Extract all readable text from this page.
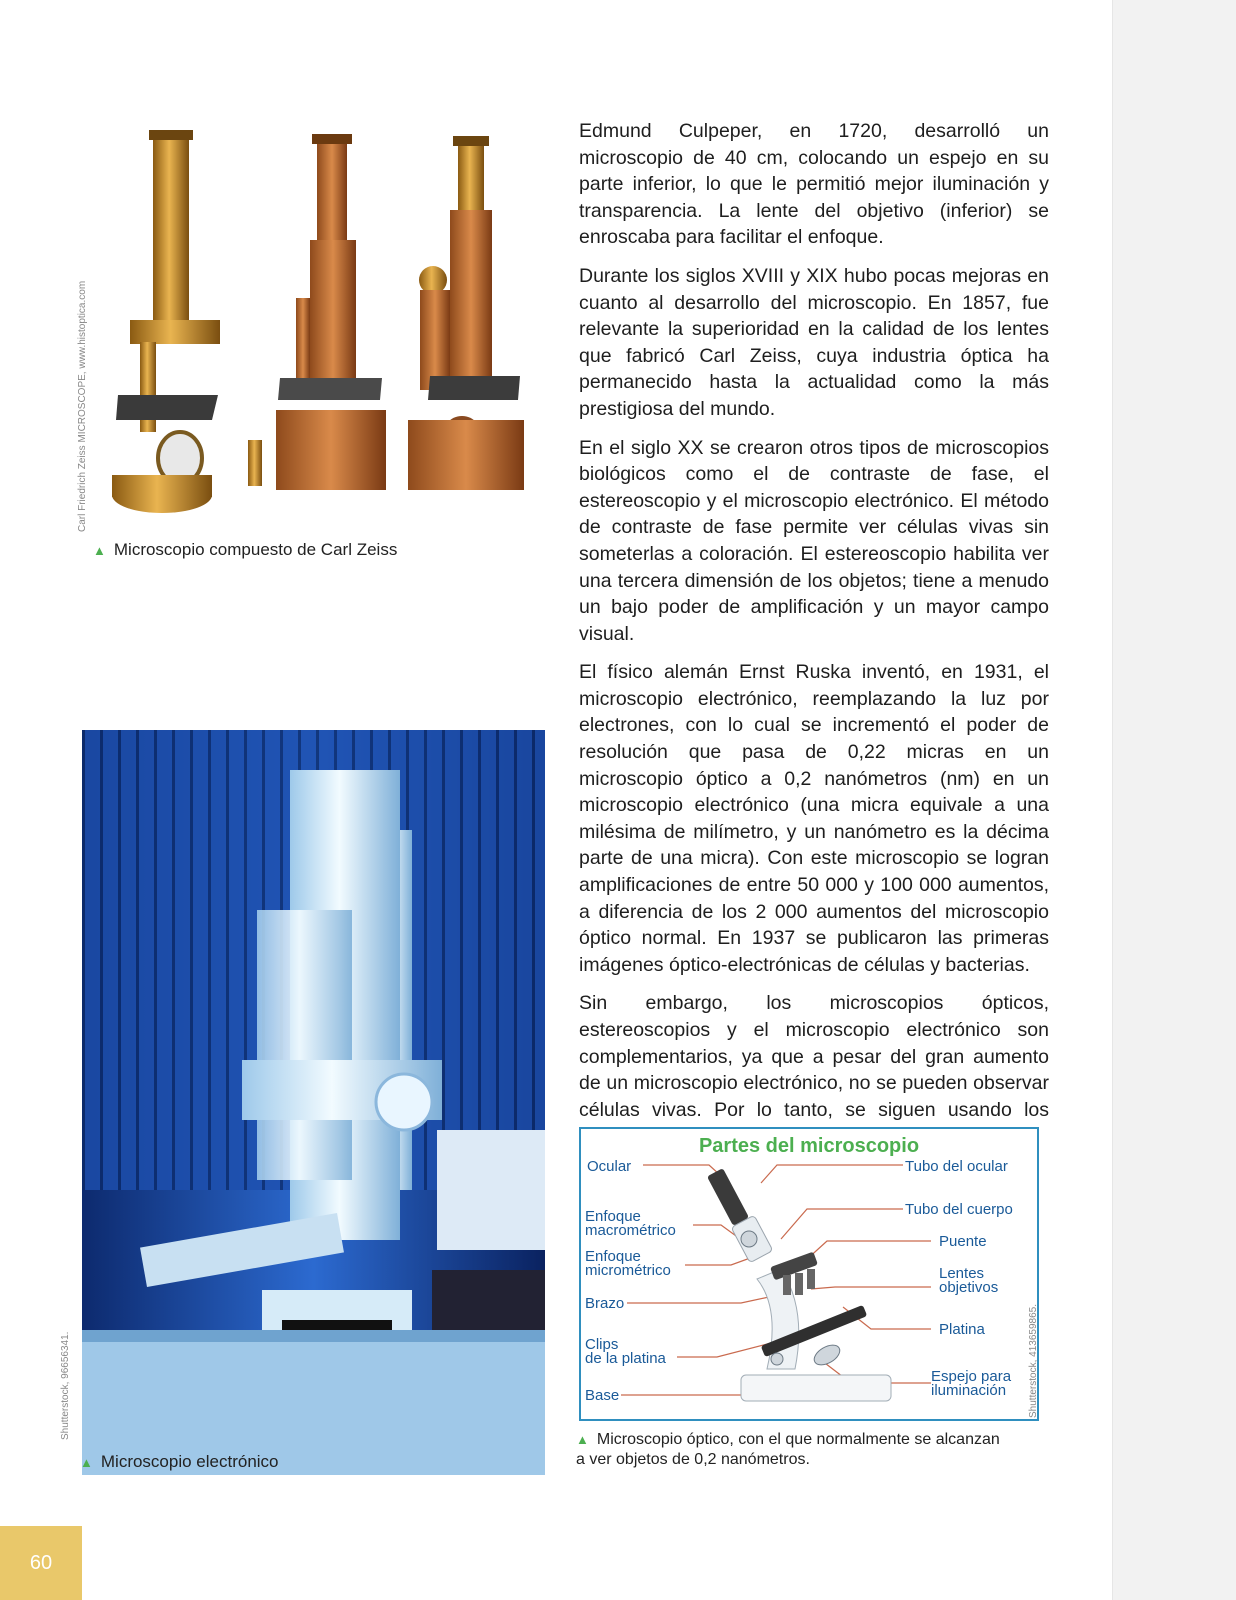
Carl Friedrich Zeiss MICROSCOPE, www.histoptica.com
▲ Microscopio compuesto de Carl Zeiss
Shutterstock, 96656341.
▲ Microscopio electrónico

Edmund Culpeper, en 1720, desarrolló un microscopio de 40 cm, colocando un espejo en su parte inferior, lo que le permitió mejor iluminación y transparencia. La lente del objetivo (inferior) se enroscaba para facilitar el enfoque.

Durante los siglos XVIII y XIX hubo pocas mejoras en cuanto al desarrollo del microscopio. En 1857, fue relevante la superioridad en la calidad de los lentes que fabricó Carl Zeiss, cuya industria óptica ha permanecido hasta la actualidad como la más prestigiosa del mundo.

En el siglo XX se crearon otros tipos de microscopios biológicos como el de contraste de fase, el estereoscopio y el microscopio electrónico. El método de contraste de fase permite ver células vivas sin someterlas a coloración. El estereoscopio habilita ver una tercera dimensión de los objetos; tiene a menudo un bajo poder de amplificación y un mayor campo visual.

El físico alemán Ernst Ruska inventó, en 1931, el microscopio electrónico, reemplazando la luz por electrones, con lo cual se incrementó el poder de resolución que pasa de 0,22 micras en un microscopio óptico a 0,2 nanómetros (nm) en un microscopio electrónico (una micra equivale a una milésima de milímetro, y un nanómetro es la décima parte de una micra). Con este microscopio se logran amplificaciones de entre 50 000 y 100 000 aumentos, a diferencia de los 2 000 aumentos del microscopio óptico normal. En 1937 se publicaron las primeras imágenes óptico-electrónicas de células y bacterias.

Sin embargo, los microscopios ópticos, estereoscopios y el microscopio electrónico son complementarios, ya que a pesar del gran aumento de un microscopio electrónico, no se pueden observar células vivas. Por lo tanto, se siguen usando los

Partes del microscopio
Ocular
Enfoque
macrométrico
Enfoque
micrométrico
Brazo
Clips
de la platina
Base
Tubo del ocular
Tubo del cuerpo
Puente
Lentes
objetivos
Platina
Espejo para
iluminación Shutterstock, 413659865.
▲ Microscopio óptico, con el que normalmente se alcanzan
a ver objetos de 0,2 nanómetros.
60
